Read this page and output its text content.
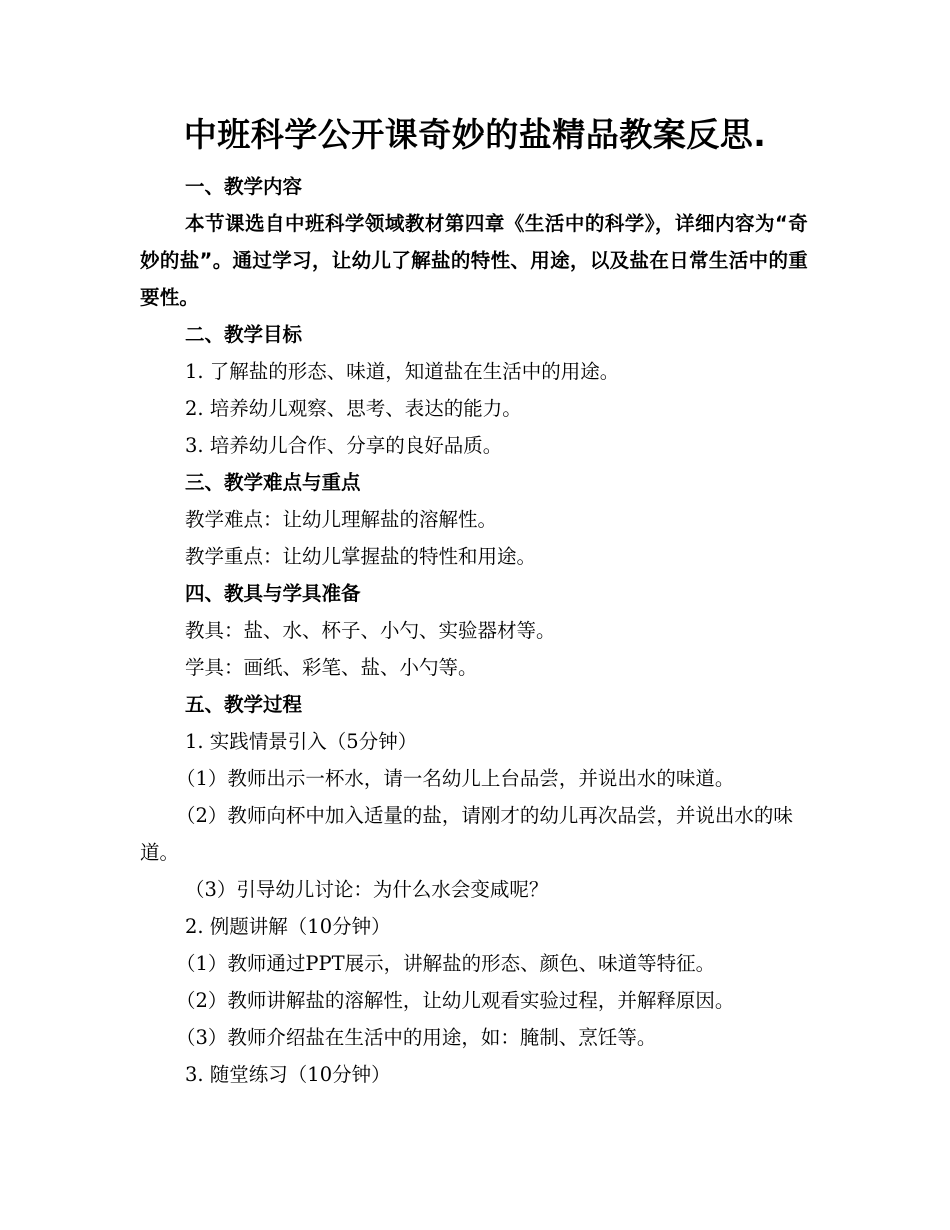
中班科学公开课奇妙的盐精品教案反思.

一、教学内容

本节课选自中班科学领域教材第四章《生活中的科学》，详细内容为“奇妙的盐”。通过学习，让幼儿了解盐的特性、用途，以及盐在日常生活中的重要性。

二、教学目标

1. 了解盐的形态、味道，知道盐在生活中的用途。

2. 培养幼儿观察、思考、表达的能力。

3. 培养幼儿合作、分享的良好品质。

三、教学难点与重点

教学难点：让幼儿理解盐的溶解性。

教学重点：让幼儿掌握盐的特性和用途。

四、教具与学具准备

教具：盐、水、杯子、小勺、实验器材等。

学具：画纸、彩笔、盐、小勺等。

五、教学过程

1. 实践情景引入（5分钟）

（1）教师出示一杯水，请一名幼儿上台品尝，并说出水的味道。

（2）教师向杯中加入适量的盐，请刚才的幼儿再次品尝，并说出水的味道。

（3）引导幼儿讨论：为什么水会变咸呢？

2. 例题讲解（10分钟）

（1）教师通过PPT展示，讲解盐的形态、颜色、味道等特征。

（2）教师讲解盐的溶解性，让幼儿观看实验过程，并解释原因。

（3）教师介绍盐在生活中的用途，如：腌制、烹饪等。

3. 随堂练习（10分钟）
